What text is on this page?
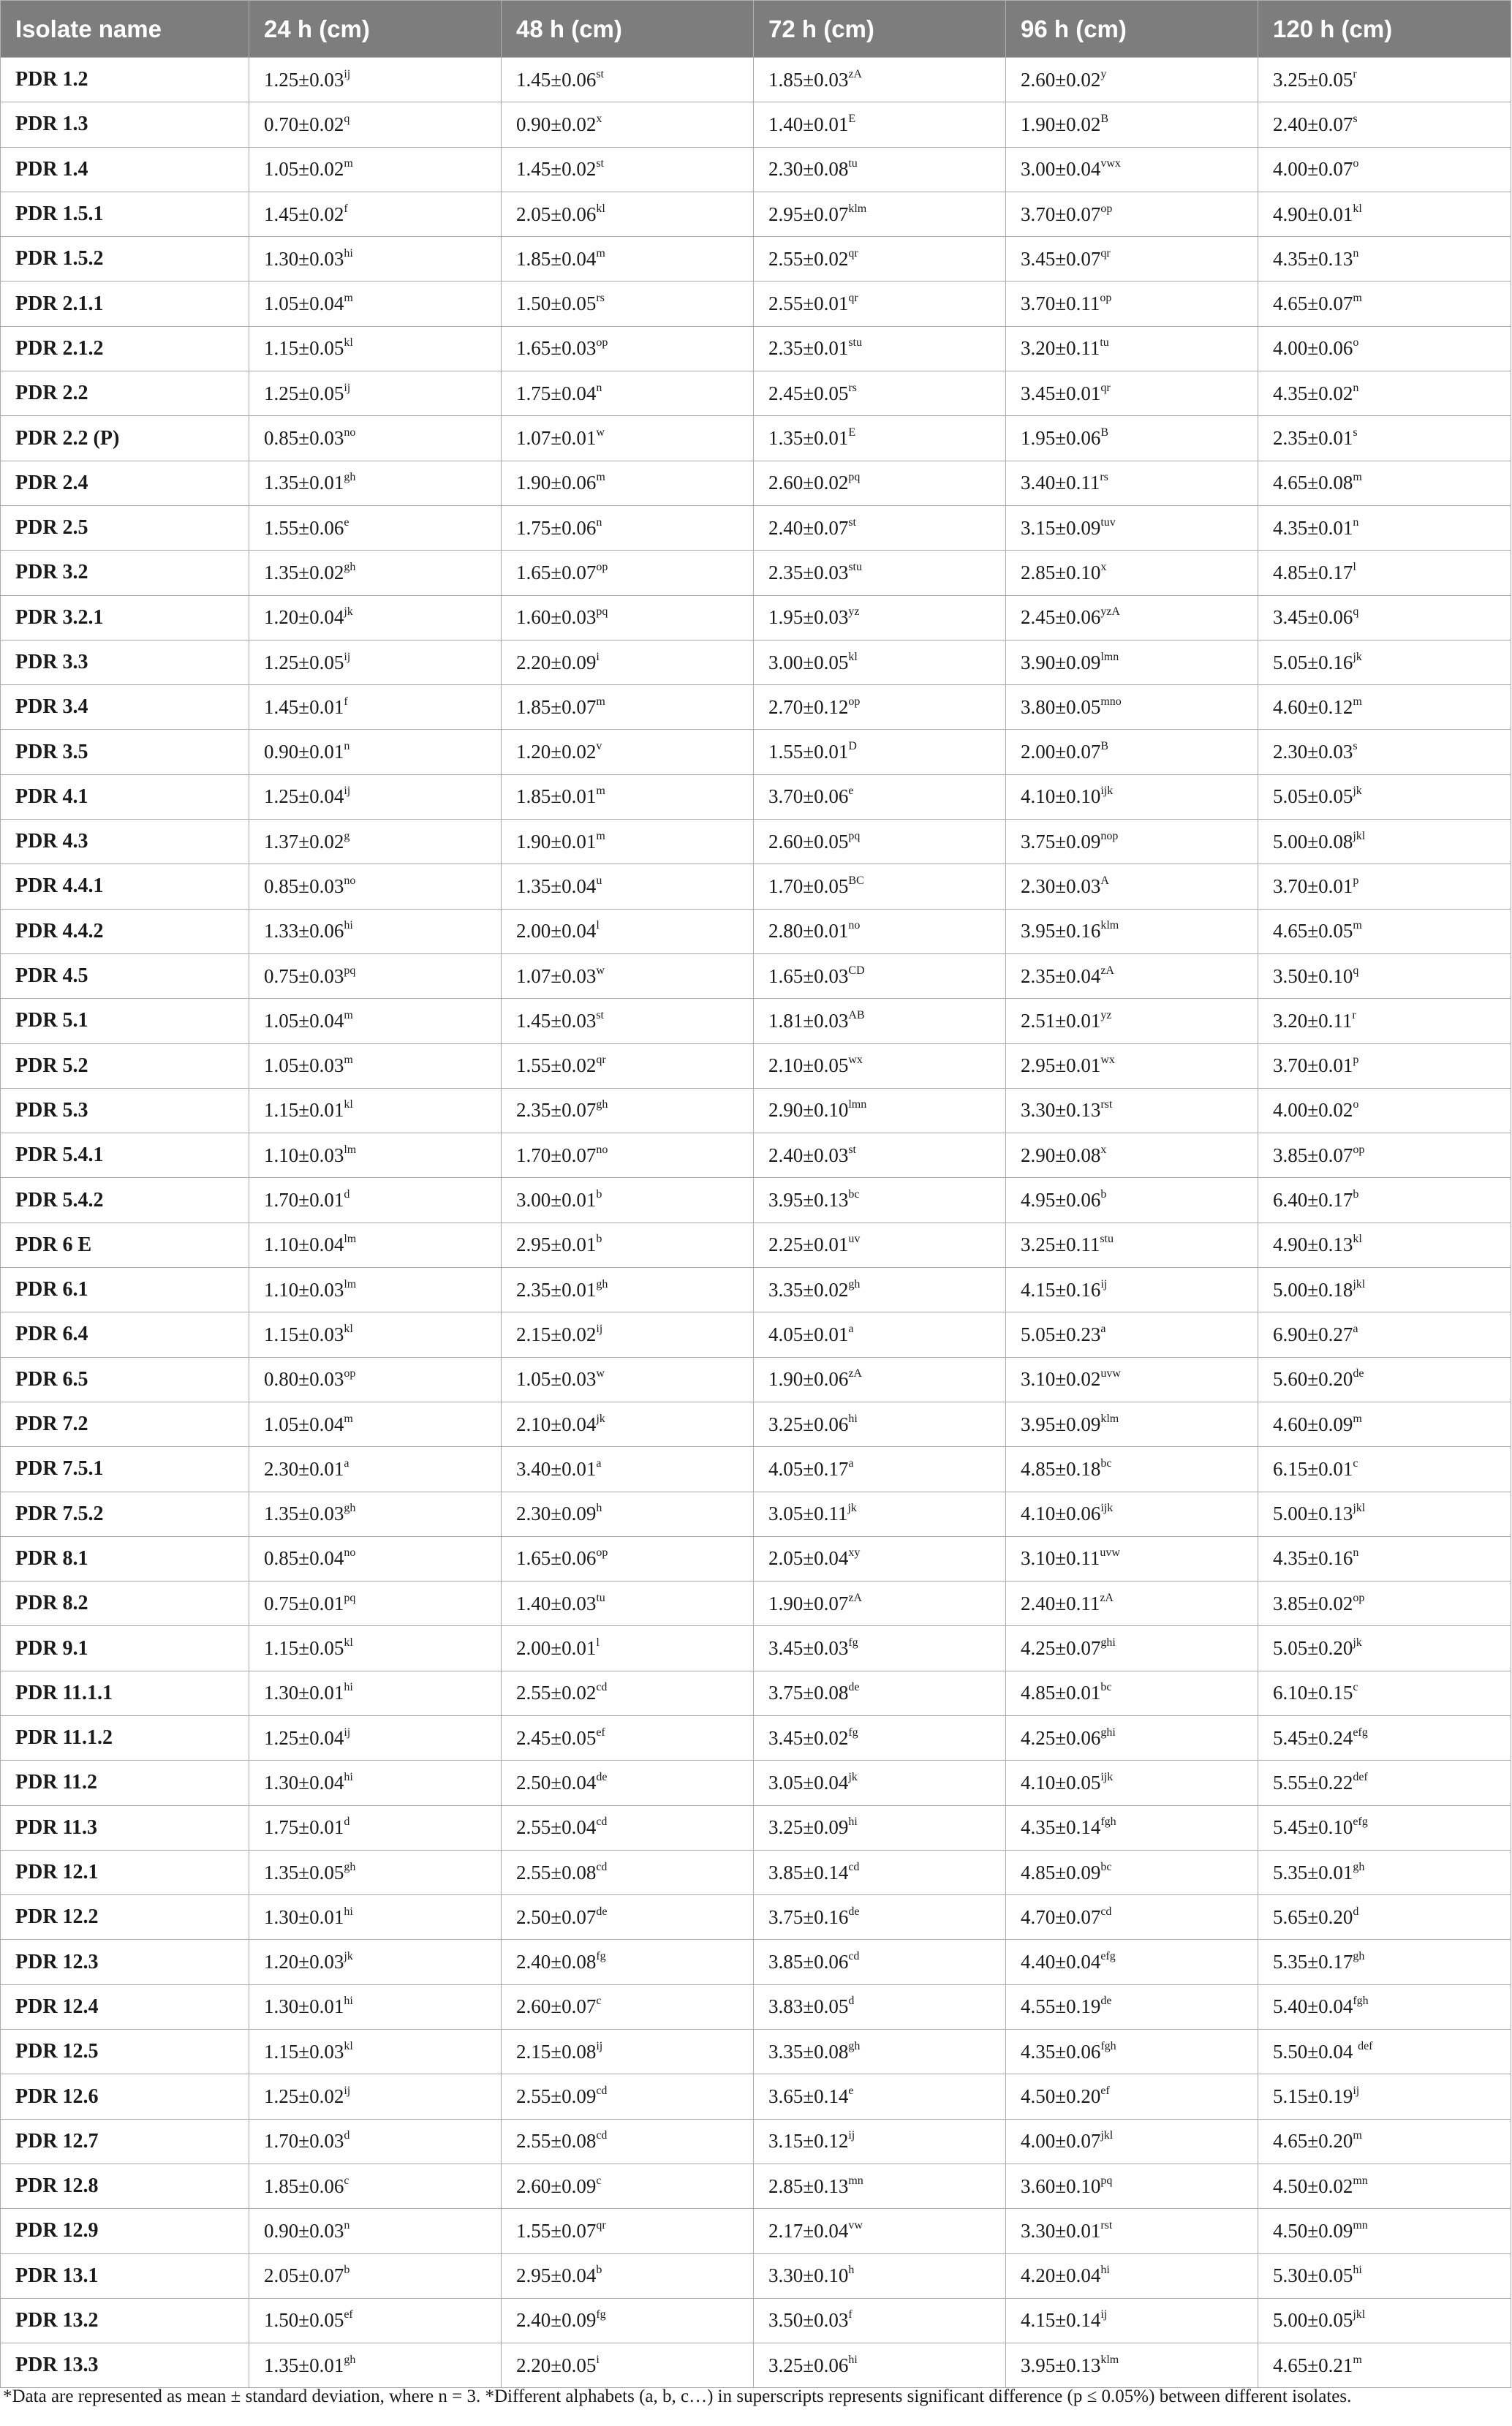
Isolate name	24 h (cm)	48 h (cm)	72 h (cm)	96 h (cm)	120 h (cm)
PDR 1.2	$1.25\pm 0.03^{ij}$	1.45±0.06st	$1.85\pm 0.03^{zA}$	$2.60\pm 0.02^y$	$3.25\pm 0.05^r$
PDR 1.3	$0.70\pm 0.02^q$	$0.90\pm 0.02^x$	$1.40\pm 0.01^E$	$1.90\pm 0.02^B$	$2.40\pm 0.07^s$
PDR 1.4	$1.05\pm 0.02^m$	1.45±0.02st	$2.30\pm 0.08^{tu}$	$3.00\pm 0.04^{vwx}$	$4.00\pm 0.07^o$
PDR 1.5.1	1.45±0.02$^f$	$2.05\pm 0.06^{kl}$	$2.95\pm 0.07^{klm}$	$3.70\pm 0.07^{op}$	$4.90\pm 0.01^{kl}$
PDR 1.5.2	$1.30\pm 0.03^{hi}$	$1.85\pm 0.04^m$	$2.55\pm 0.02^{qr}$	$3.45\pm 0.07^{qr}$	$4.35\pm 0.13^n$
PDR 2.1.1	$1.05\pm 0.04^m$	$1.50\pm 0.05^{rs}$	$2.55\pm 0.01^{qr}$	$3.70\pm 0.11^{op}$	$4.65\pm 0.07^m$
PDR 2.1.2	$1.15\pm 0.05^{kl}$	$1.65\pm 0.03^{op}$	$2.35\pm 0.01^{stu}$	$3.20\pm 0.11^{tu}$	$4.00\pm 0.06^o$
PDR 2.2	$1.25\pm 0.05^{ij}$	$1.75\pm 0.04^n$	$2.45\pm 0.05^{rs}$	$3.45\pm 0.01^{qr}$	$4.35\pm 0.02^n$
PDR 2.2 (P)	$0.85\pm 0.03^{no}$	$1.07\pm 0.01^w$	$1.35\pm 0.01^E$	$1.95\pm 0.06^B$	$2.35\pm 0.01^s$
PDR 2.4	1.35±0.01$^{gh}$	$1.90\pm 0.06^m$	$2.60\pm 0.02^{pq}$	$3.40\pm 0.11^{rs}$	$4.65\pm 0.08^m$
PDR 2.5	1.55±0.06$^e$	$1.75\pm 0.06^n$	2.40±0.07st	$3.15\pm 0.09^{tuv}$	$4.35\pm 0.01^n$
PDR 3.2	1.35±0.02$^{gh}$	$1.65\pm 0.07^{op}$	$2.35\pm 0.03^{stu}$	$2.85\pm 0.10^x$	$4.85\pm 0.17^l$
PDR 3.2.1	$1.20\pm 0.04^{jk}$	$1.60\pm 0.03^{pq}$	$1.95\pm 0.03^{yz}$	$2.45\pm 0.06^{yzA}$	$3.45\pm 0.06^q$
PDR 3.3	$1.25\pm 0.05^{ij}$	$2.20\pm 0.09^i$	$3.00\pm 0.05^{kl}$	$3.90\pm 0.09^{lmn}$	$5.05\pm 0.16^{jk}$
PDR 3.4	1.45±0.01$^f$	$1.85\pm 0.07^m$	$2.70\pm 0.12^{op}$	$3.80\pm 0.05^{mno}$	$4.60\pm 0.12^m$
PDR 3.5	$0.90\pm 0.01^n$	$1.20\pm 0.02^v$	$1.55\pm 0.01^D$	$2.00\pm 0.07^B$	$2.30\pm 0.03^s$
PDR 4.1	$1.25\pm 0.04^{ij}$	$1.85\pm 0.01^m$	3.70±0.06$^e$	$4.10\pm 0.10^{ijk}$	$5.05\pm 0.05^{jk}$
PDR 4.3	1.37±0.02$^g$	$1.90\pm 0.01^m$	$2.60\pm 0.05^{pq}$	$3.75\pm 0.09^{nop}$	$5.00\pm 0.08^{jkl}$
PDR 4.4.1	$0.85\pm 0.03^{no}$	$1.35\pm 0.04^u$	$1.70\pm 0.05^{BC}$	$2.30\pm 0.03^A$	$3.70\pm 0.01^p$
PDR 4.4.2	$1.33\pm 0.06^{hi}$	$2.00\pm 0.04^l$	$2.80\pm 0.01^{no}$	$3.95\pm 0.16^{klm}$	$4.65\pm 0.05^m$
PDR 4.5	$0.75\pm 0.03^{pq}$	$1.07\pm 0.03^w$	$1.65\pm 0.03^{CD}$	$2.35\pm 0.04^{zA}$	$3.50\pm 0.10^q$
PDR 5.1	$1.05\pm 0.04^m$	1.45±0.03st	$1.81\pm 0.03^{AB}$	$2.51\pm 0.01^{yz}$	$3.20\pm 0.11^r$
PDR 5.2	$1.05\pm 0.03^m$	$1.55\pm 0.02^{qr}$	$2.10\pm 0.05^{wx}$	$2.95\pm 0.01^{wx}$	$3.70\pm 0.01^p$
PDR 5.3	$1.15\pm 0.01^{kl}$	2.35±0.07$^{gh}$	$2.90\pm 0.10^{lmn}$	$3.30\pm 0.13^{rst}$	$4.00\pm 0.02^o$
PDR 5.4.1	$1.10\pm 0.03^{lm}$	$1.70\pm 0.07^{no}$	2.40±0.03st	$2.90\pm 0.08^x$	$3.85\pm 0.07^{op}$
PDR 5.4.2	1.70±0.01$^d$	3.00±0.01$^b$	3.95±0.13$^{bc}$	4.95±0.06$^b$	6.40±0.17$^b$
PDR 6 E	$1.10\pm 0.04^{lm}$	2.95±0.01$^b$	$2.25\pm 0.01^{uv}$	$3.25\pm 0.11^{stu}$	$4.90\pm 0.13^{kl}$
PDR 6.1	$1.10\pm 0.03^{lm}$	2.35±0.01$^{gh}$	3.35±0.02$^{gh}$	$4.15\pm 0.16^{ij}$	$5.00\pm 0.18^{jkl}$
PDR 6.4	$1.15\pm 0.03^{kl}$	$2.15\pm 0.02^{ij}$	4.05±0.01$^a$	5.05±0.23$^a$	6.90±0.27$^a$
PDR 6.5	$0.80\pm 0.03^{op}$	$1.05\pm 0.03^w$	$1.90\pm 0.06^{zA}$	$3.10\pm 0.02^{uvw}$	5.60±0.20de
PDR 7.2	$1.05\pm 0.04^m$	$2.10\pm 0.04^{jk}$	$3.25\pm 0.06^{hi}$	$3.95\pm 0.09^{klm}$	$4.60\pm 0.09^m$
PDR 7.5.1	2.30±0.01$^a$	3.40±0.01$^a$	4.05±0.17$^a$	4.85±0.18$^{bc}$	6.15±0.01$^c$
PDR 7.5.2	1.35±0.03$^{gh}$	2.30±0.09$^h$	$3.05\pm 0.11^{jk}$	$4.10\pm 0.06^{ijk}$	$5.00\pm 0.13^{jkl}$
PDR 8.1	$0.85\pm 0.04^{no}$	$1.65\pm 0.06^{op}$	$2.05\pm 0.04^{xy}$	$3.10\pm 0.11^{uvw}$	$4.35\pm 0.16^n$
PDR 8.2	$0.75\pm 0.01^{pq}$	$1.40\pm 0.03^{tu}$	$1.90\pm 0.07^{zA}$	$2.40\pm 0.11^{zA}$	$3.85\pm 0.02^{op}$
PDR 9.1	$1.15\pm 0.05^{kl}$	$2.00\pm 0.01^l$	3.45±0.03$^{fg}$	$4.25\pm 0.07^{ghi}$	$5.05\pm 0.20^{jk}$
PDR 11.1.1	$1.30\pm 0.01^{hi}$	2.55±0.02$^{cd}$	3.75±0.08de	4.85±0.01$^{bc}$	6.10±0.15$^c$
PDR 11.1.2	$1.25\pm 0.04^{ij}$	2.45±0.05$^{ef}$	3.45±0.02$^{fg}$	$4.25\pm 0.06^{ghi}$	5.45±0.24$^{efg}$
PDR 11.2	$1.30\pm 0.04^{hi}$	2.50±0.04de	$3.05\pm 0.04^{jk}$	$4.10\pm 0.05^{ijk}$	5.55±0.22$^{def}$
PDR 11.3	1.75±0.01$^d$	2.55±0.04$^{cd}$	$3.25\pm 0.09^{hi}$	4.35±0.14$^{fgh}$	5.45±0.10$^{efg}$
PDR 12.1	1.35±0.05$^{gh}$	2.55±0.08$^{cd}$	3.85±0.14$^{cd}$	4.85±0.09$^{bc}$	5.35±0.01$^{gh}$
PDR 12.2	$1.30\pm 0.01^{hi}$	2.50±0.07de	3.75±0.16de	4.70±0.07$^{cd}$	5.65±0.20$^d$
PDR 12.3	$1.20\pm 0.03^{jk}$	2.40±0.08$^{fg}$	3.85±0.06$^{cd}$	4.40±0.04$^{efg}$	5.35±0.17$^{gh}$
PDR 12.4	$1.30\pm 0.01^{hi}$	2.60±0.07$^c$	3.83±0.05$^d$	4.55±0.19de	5.40±0.04$^{fgh}$
PDR 12.5	$1.15\pm 0.03^{kl}$	$2.15\pm 0.08^{ij}$	3.35±0.08$^{gh}$	4.35±0.06$^{fgh}$	5.50±0.04 $^{def}$
PDR 12.6	$1.25\pm 0.02^{ij}$	2.55±0.09$^{cd}$	3.65±0.14$^e$	4.50±0.20$^{ef}$	$5.15\pm 0.19^{ij}$
PDR 12.7	1.70±0.03$^d$	2.55±0.08$^{cd}$	$3.15\pm 0.12^{ij}$	$4.00\pm 0.07^{jkl}$	$4.65\pm 0.20^m$
PDR 12.8	1.85±0.06$^c$	2.60±0.09$^c$	$2.85\pm 0.13^{mn}$	$3.60\pm 0.10^{pq}$	$4.50\pm 0.02^{mn}$
PDR 12.9	$0.90\pm 0.03^n$	$1.55\pm 0.07^{qr}$	$2.17\pm 0.04^{vw}$	$3.30\pm 0.01^{rst}$	$4.50\pm 0.09^{mn}$
PDR 13.1	2.05±0.07$^b$	2.95±0.04$^b$	3.30±0.10$^h$	$4.20\pm 0.04^{hi}$	$5.30\pm 0.05^{hi}$
PDR 13.2	1.50±0.05$^{ef}$	2.40±0.09$^{fg}$	3.50±0.03$^f$	$4.15\pm 0.14^{ij}$	$5.00\pm 0.05^{jkl}$
PDR 13.3	1.35±0.01$^{gh}$	$2.20\pm 0.05^i$	$3.25\pm 0.06^{hi}$	$3.95\pm 0.13^{klm}$	$4.65\pm 0.21^m$
*Data are represented as mean ± standard deviation, where n = 3. *Different alphabets (a, b, c…) in superscripts represents significant difference (p ≤ 0.05%) between different isolates.
